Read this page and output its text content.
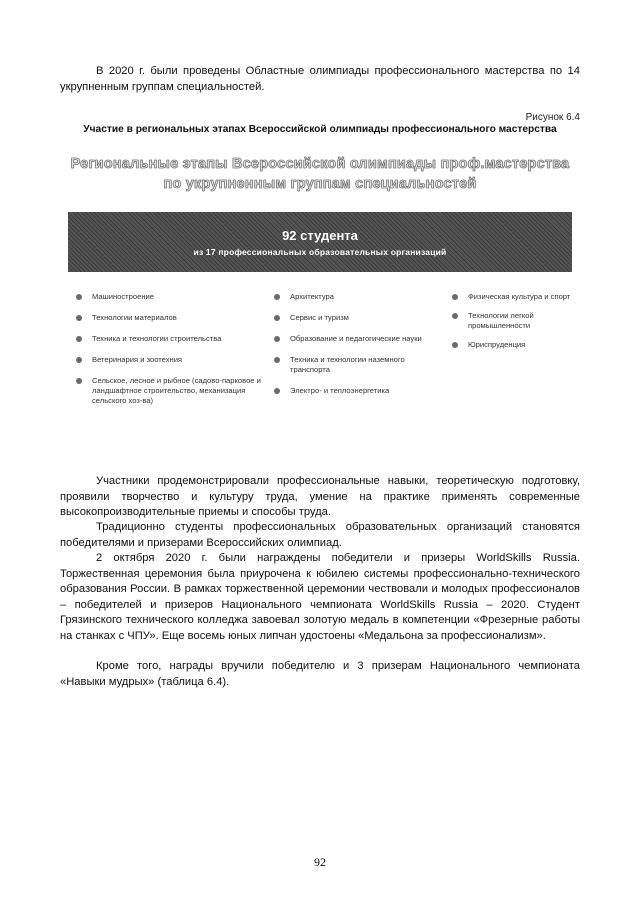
В 2020 г. были проведены Областные олимпиады профессионального мастерства по 14 укрупненным группам специальностей.

Рисунок 6.4
Участие в региональных этапах Всероссийской олимпиады профессионального мастерства
Региональные этапы Всероссийской олимпиады проф.мастерства
по укрупненным группам специальностей
92 студента
из 17 профессиональных образовательных организаций
Машиностроение
Технологии материалов
Техника и технологии строительства
Ветеринария и зоотехния
Сельское, лесное и рыбное (садово-парковое и ландшафтное строительство, механизация сельского хоз-ва)
Архитектура
Сервис и туризм
Образование и педагогические науки
Техника и технологии наземного транспорта
Электро- и теплоэнергетика
Физическая культура и спорт
Технологии легкой промышленности
Юриспруденция

Участники продемонстрировали профессиональные навыки, теоретическую подготовку, проявили творчество и культуру труда, умение на практике применять современные высокопроизводительные приемы и способы труда.

Традиционно студенты профессиональных образовательных организаций становятся победителями и призерами Всероссийских олимпиад.

2 октября 2020 г. были награждены победители и призеры WorldSkills Russia. Торжественная церемония была приурочена к юбилею системы профессионально-технического образования России. В рамках торжественной церемонии чествовали и молодых профессионалов – победителей и призеров Национального чемпионата WorldSkills Russia – 2020. Студент Грязинского технического колледжа завоевал золотую медаль в компетенции «Фрезерные работы на станках с ЧПУ». Еще восемь юных липчан удостоены «Медальона за профессионализм».

Кроме того, награды вручили победителю и 3 призерам Национального чемпионата «Навыки мудрых» (таблица 6.4).

92
